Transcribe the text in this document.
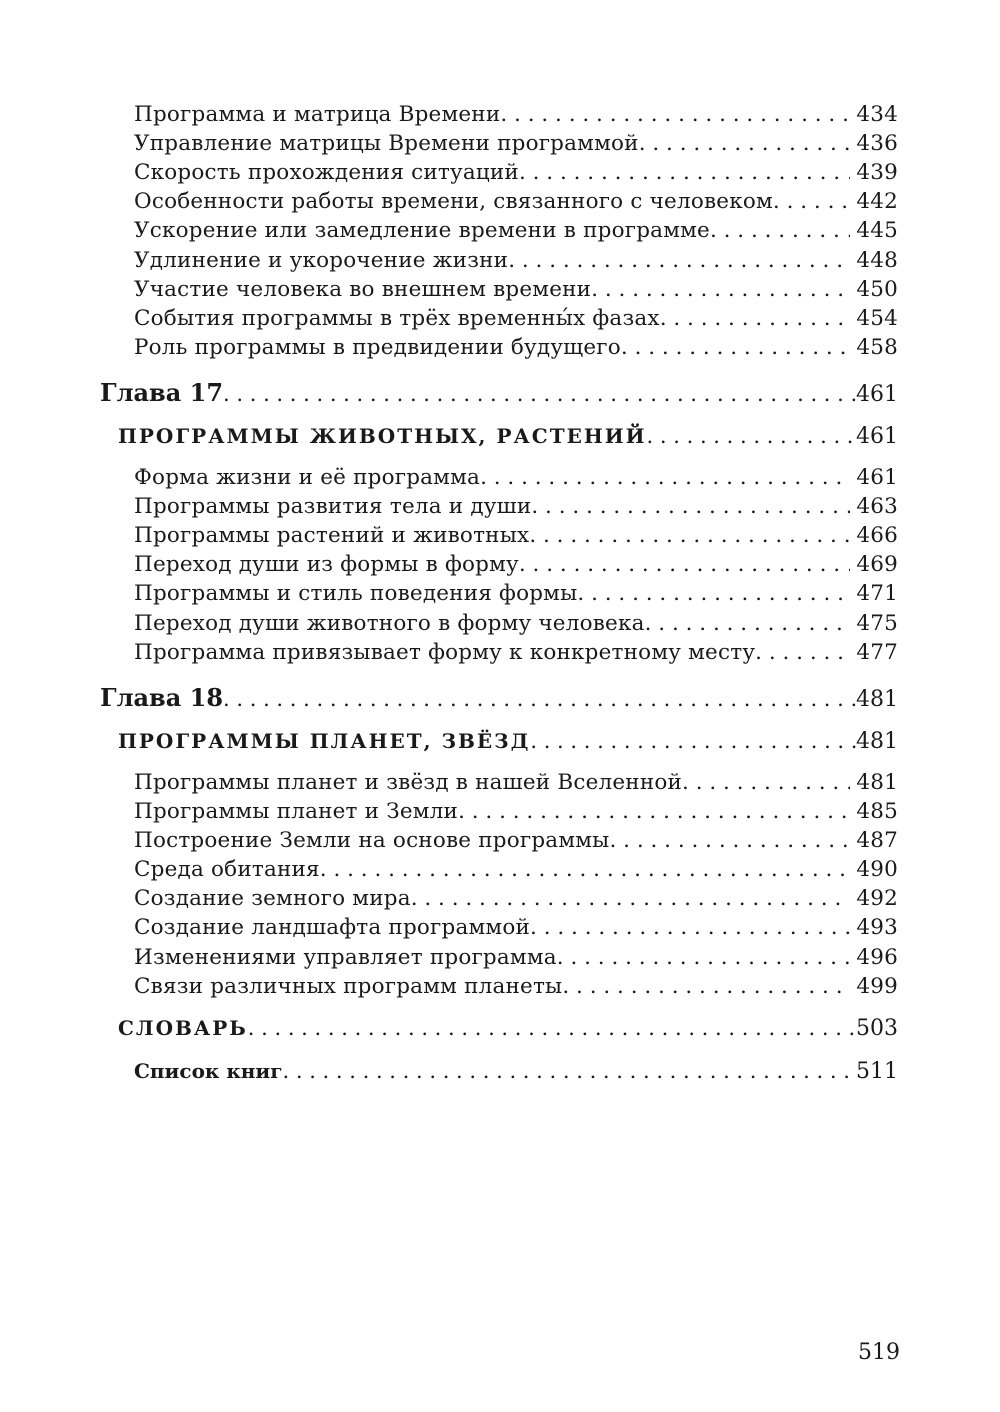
Программа и матрица Времени . . .	434
Управление матрицы Времени программой . . .	436
Скорость прохождения ситуаций . . .	439
Особенности работы времени, связанного с человеком . . .	442
Ускорение или замедление времени в программе . . .	445
Удлинение и укорочение жизни . . .	448
Участие человека во внешнем времени . . .	450
События программы в трёх временны́х фазах . . .	454
Роль программы в предвидении будущего . . .	458
Глава 17 . . .	461
ПРОГРАММЫ ЖИВОТНЫХ, РАСТЕНИЙ . . .	461
Форма жизни и её программа . . .	461
Программы развития тела и души . . .	463
Программы растений и животных . . .	466
Переход души из формы в форму . . .	469
Программы и стиль поведения формы . . .	471
Переход души животного в форму человека . . .	475
Программа привязывает форму к конкретному месту . . .	477
Глава 18 . . .	481
ПРОГРАММЫ ПЛАНЕТ, ЗВЁЗД . . .	481
Программы планет и звёзд в нашей Вселенной . . .	481
Программы планет и Земли . . .	485
Построение Земли на основе программы . . .	487
Среда обитания . . .	490
Создание земного мира . . .	492
Создание ландшафта программой . . .	493
Изменениями управляет программа . . .	496
Связи различных программ планеты . . .	499
СЛОВАРЬ . . .	503
Список книг . . .	511
519
